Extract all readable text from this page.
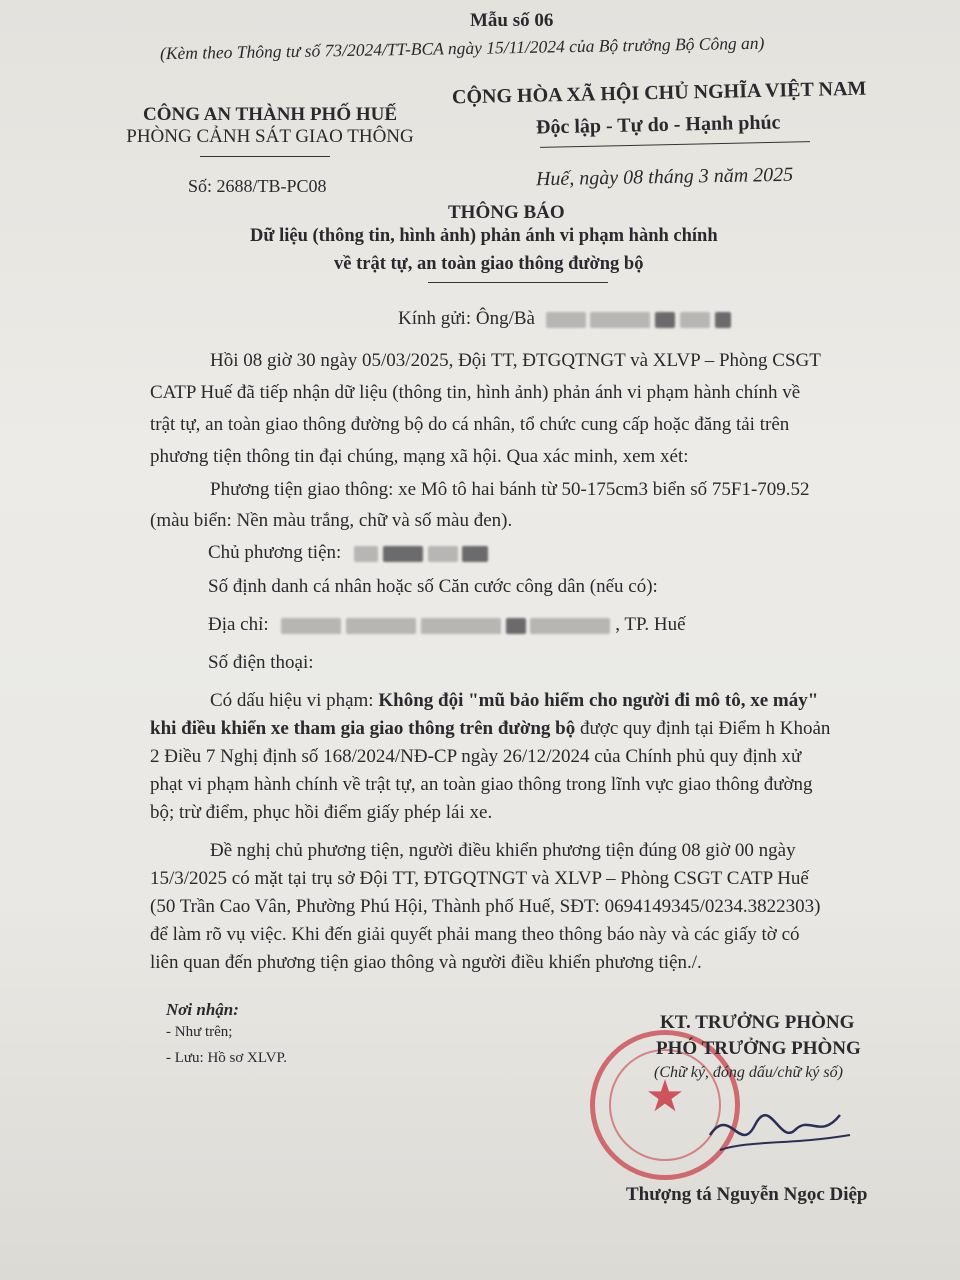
Mẫu số 06
(Kèm theo Thông tư số 73/2024/TT-BCA ngày 15/11/2024 của Bộ trưởng Bộ Công an)
CÔNG AN THÀNH PHỐ HUẾ
PHÒNG CẢNH SÁT GIAO THÔNG
Số: 2688/TB-PC08
CỘNG HÒA XÃ HỘI CHỦ NGHĨA VIỆT NAM
Độc lập - Tự do - Hạnh phúc
Huế, ngày 08 tháng 3 năm 2025
THÔNG BÁO
Dữ liệu (thông tin, hình ảnh) phản ánh vi phạm hành chính
về trật tự, an toàn giao thông đường bộ
Kính gửi: Ông/Bà
Hồi 08 giờ 30 ngày 05/03/2025, Đội TT, ĐTGQTNGT và XLVP – Phòng CSGT
CATP Huế đã tiếp nhận dữ liệu (thông tin, hình ảnh) phản ánh vi phạm hành chính về
trật tự, an toàn giao thông đường bộ do cá nhân, tổ chức cung cấp hoặc đăng tải trên
phương tiện thông tin đại chúng, mạng xã hội. Qua xác minh, xem xét:
Phương tiện giao thông: xe Mô tô hai bánh từ 50-175cm3 biển số 75F1-709.52
(màu biển: Nền màu trắng, chữ và số màu đen).
Chủ phương tiện:
Số định danh cá nhân hoặc số Căn cước công dân (nếu có):
Địa chỉ:	, TP. Huế
Số điện thoại:
Có dấu hiệu vi phạm: Không đội "mũ bảo hiểm cho người đi mô tô, xe máy"
khi điều khiển xe tham gia giao thông trên đường bộ được quy định tại Điểm h Khoản
2 Điều 7 Nghị định số 168/2024/NĐ-CP ngày 26/12/2024 của Chính phủ quy định xử
phạt vi phạm hành chính về trật tự, an toàn giao thông trong lĩnh vực giao thông đường
bộ; trừ điểm, phục hồi điểm giấy phép lái xe.
Đề nghị chủ phương tiện, người điều khiển phương tiện đúng 08 giờ 00 ngày
15/3/2025 có mặt tại trụ sở Đội TT, ĐTGQTNGT và XLVP – Phòng CSGT CATP Huế
(50 Trần Cao Vân, Phường Phú Hội, Thành phố Huế, SĐT: 0694149345/0234.3822303)
để làm rõ vụ việc. Khi đến giải quyết phải mang theo thông báo này và các giấy tờ có
liên quan đến phương tiện giao thông và người điều khiển phương tiện./.
Nơi nhận:
- Như trên;
- Lưu: Hồ sơ XLVP.
★
KT. TRƯỞNG PHÒNG
PHÓ TRƯỞNG PHÒNG
(Chữ ký, đóng dấu/chữ ký số)
Thượng tá Nguyễn Ngọc Diệp
